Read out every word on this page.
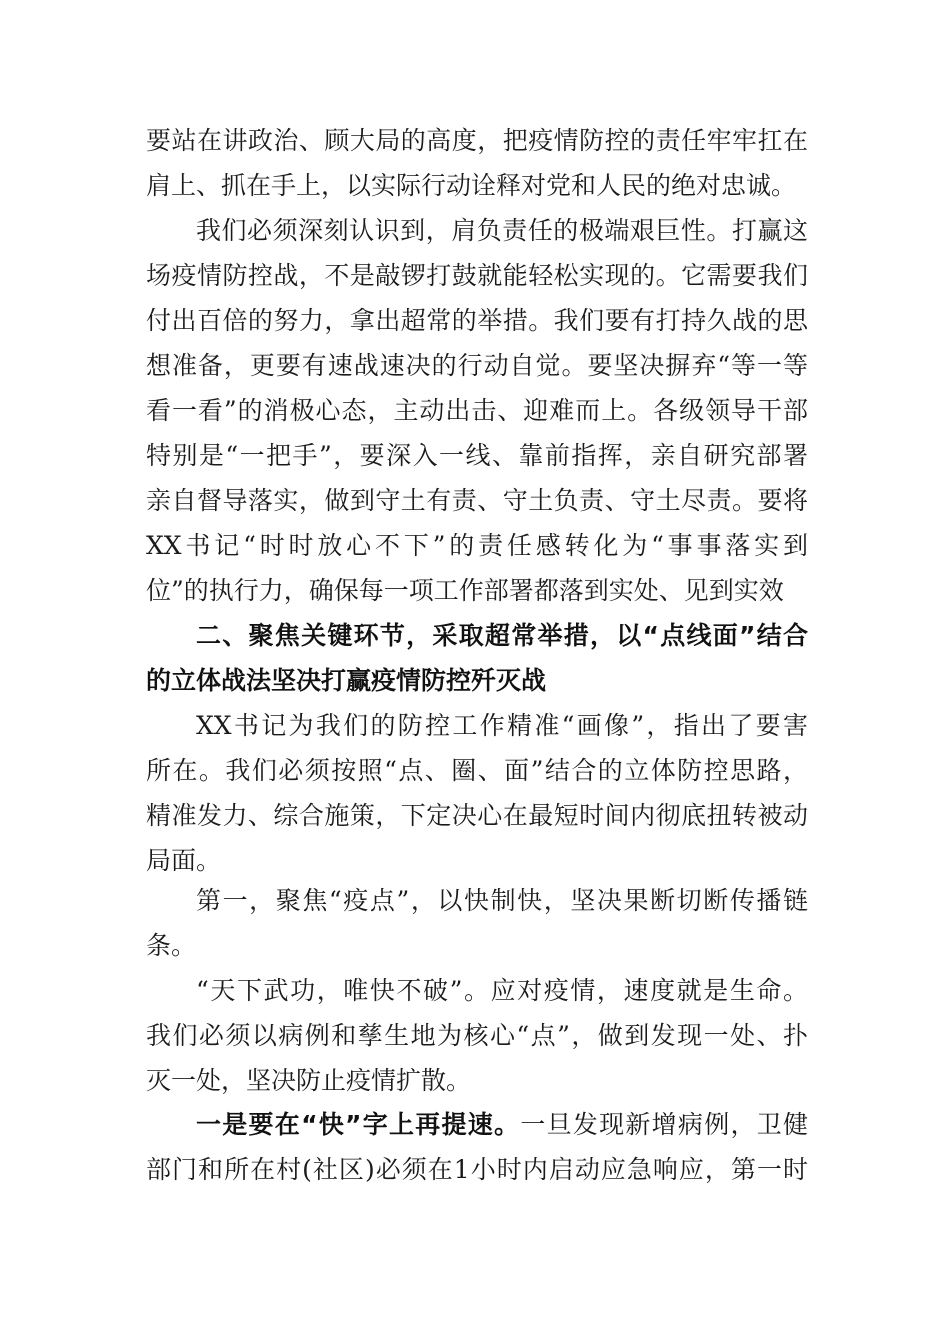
要站在讲政治、顾大局的高度，把疫情防控的责任牢牢扛在
肩上、抓在手上，以实际行动诠释对党和人民的绝对忠诚。
我们必须深刻认识到，肩负责任的极端艰巨性。打赢这
场疫情防控战，不是敲锣打鼓就能轻松实现的。它需要我们
付出百倍的努力，拿出超常的举措。我们要有打持久战的思
想准备，更要有速战速决的行动自觉。要坚决摒弃“等一等
看一看”的消极心态，主动出击、迎难而上。各级领导干部
特别是“一把手”，要深入一线、靠前指挥，亲自研究部署
亲自督导落实，做到守土有责、守土负责、守土尽责。要将
XX书记“时时放心不下”的责任感转化为“事事落实到
位”的执行力，确保每一项工作部署都落到实处、见到实效
二、聚焦关键环节，采取超常举措，以“点线面”结合
的立体战法坚决打赢疫情防控歼灭战
XX书记为我们的防控工作精准“画像”，指出了要害
所在。我们必须按照“点、圈、面”结合的立体防控思路，
精准发力、综合施策，下定决心在最短时间内彻底扭转被动
局面。
第一，聚焦“疫点”，以快制快，坚决果断切断传播链
条。
“天下武功，唯快不破”。应对疫情，速度就是生命。
我们必须以病例和孳生地为核心“点”，做到发现一处、扑
灭一处，坚决防止疫情扩散。
一是要在“快”字上再提速。一旦发现新增病例，卫健
部门和所在村(社区)必须在1小时内启动应急响应，第一时
